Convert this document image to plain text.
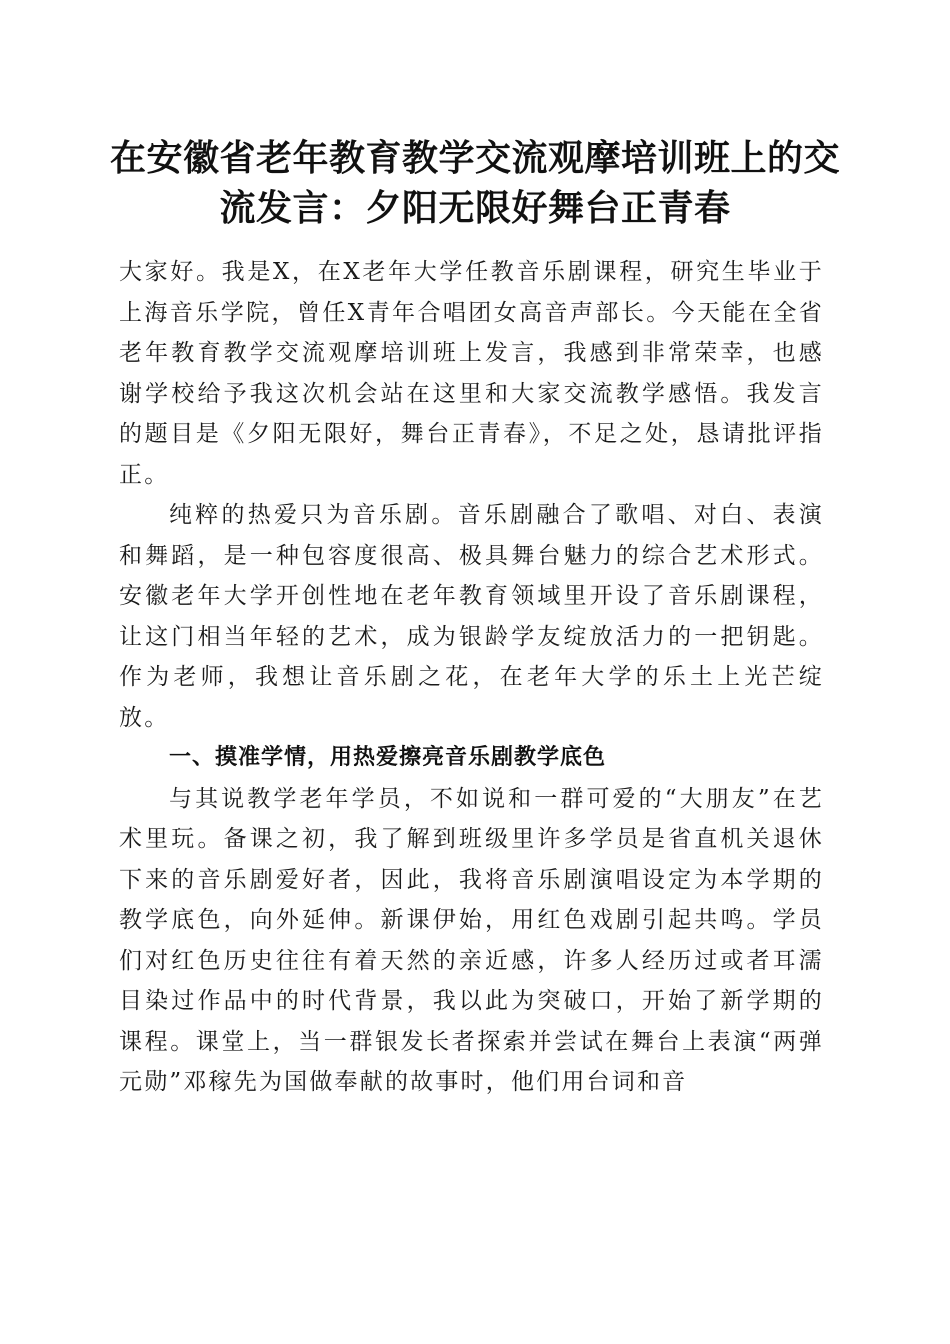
在安徽省老年教育教学交流观摩培训班上的交流发言：夕阳无限好舞台正青春

大家好。我是X，在X老年大学任教音乐剧课程，研究生毕业于上海音乐学院，曾任X青年合唱团女高音声部长。今天能在全省老年教育教学交流观摩培训班上发言，我感到非常荣幸，也感谢学校给予我这次机会站在这里和大家交流教学感悟。我发言的题目是《夕阳无限好，舞台正青春》，不足之处，恳请批评指正。

纯粹的热爱只为音乐剧。音乐剧融合了歌唱、对白、表演和舞蹈，是一种包容度很高、极具舞台魅力的综合艺术形式。安徽老年大学开创性地在老年教育领域里开设了音乐剧课程，让这门相当年轻的艺术，成为银龄学友绽放活力的一把钥匙。作为老师，我想让音乐剧之花，在老年大学的乐土上光芒绽放。

一、摸准学情，用热爱擦亮音乐剧教学底色

与其说教学老年学员，不如说和一群可爱的“大朋友”在艺术里玩。备课之初，我了解到班级里许多学员是省直机关退休下来的音乐剧爱好者，因此，我将音乐剧演唱设定为本学期的教学底色，向外延伸。新课伊始，用红色戏剧引起共鸣。学员们对红色历史往往有着天然的亲近感，许多人经历过或者耳濡目染过作品中的时代背景，我以此为突破口，开始了新学期的课程。课堂上，当一群银发长者探索并尝试在舞台上表演“两弹元勋”邓稼先为国做奉献的故事时，他们用台词和音
